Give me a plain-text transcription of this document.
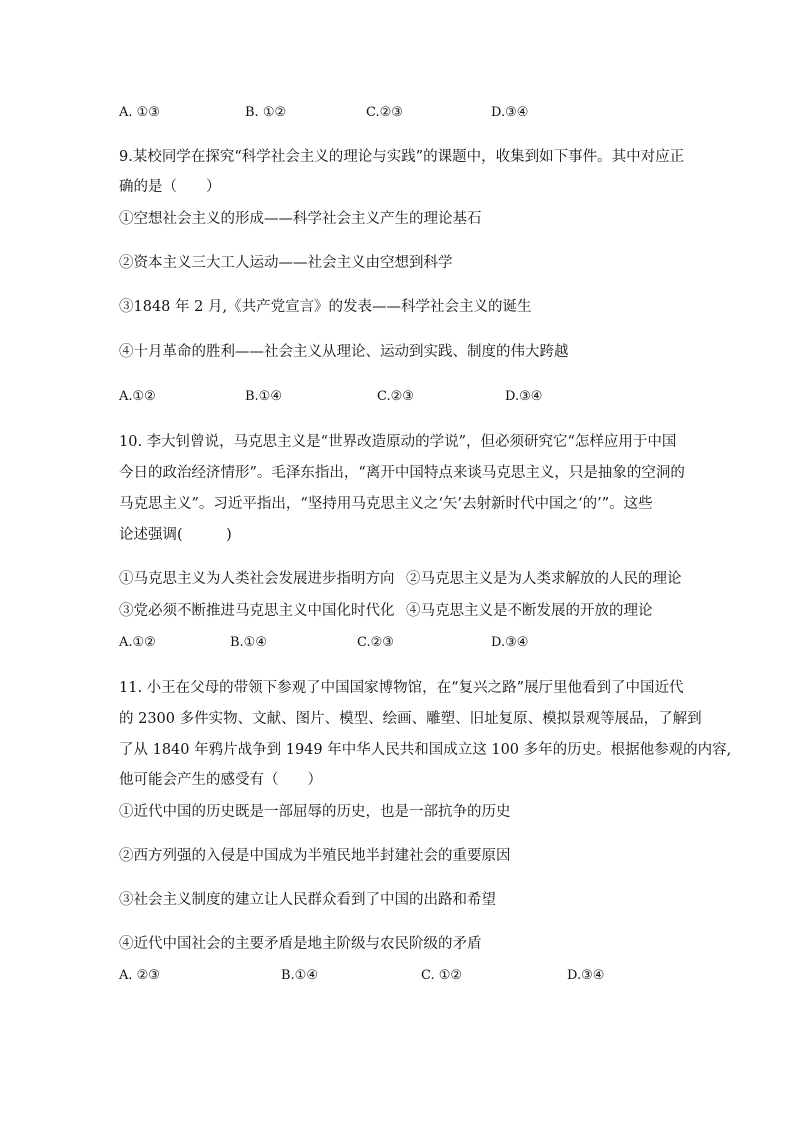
A. ①③	B. ①②	C.②③	D.③④
9.某校同学在探究“科学社会主义的理论与实践”的课题中，收集到如下事件。其中对应正
确的是（　　）
①空想社会主义的形成——科学社会主义产生的理论基石
②资本主义三大工人运动——社会主义由空想到科学
③1848 年 2 月,《共产党宣言》的发表——科学社会主义的诞生
④十月革命的胜利——社会主义从理论、运动到实践、制度的伟大跨越
A.①②	B.①④	C.②③	D.③④
10. 李大钊曾说，马克思主义是“世界改造原动的学说”，但必须研究它“怎样应用于中国
今日的政治经济情形”。毛泽东指出，“离开中国特点来谈马克思主义，只是抽象的空洞的
马克思主义”。习近平指出，“坚持用马克思主义之‘矢’去射新时代中国之‘的’”。这些
论述强调(　　　)
①马克思主义为人类社会发展进步指明方向 ②马克思主义是为人类求解放的人民的理论
③党必须不断推进马克思主义中国化时代化 ④马克思主义是不断发展的开放的理论
A.①②	B.①④	C.②③	D.③④
11. 小王在父母的带领下参观了中国国家博物馆，在“复兴之路”展厅里他看到了中国近代
的 2300 多件实物、文献、图片、模型、绘画、雕塑、旧址复原、模拟景观等展品，了解到
了从 1840 年鸦片战争到 1949 年中华人民共和国成立这 100 多年的历史。根据他参观的内容,
他可能会产生的感受有（　　）
①近代中国的历史既是一部屈辱的历史，也是一部抗争的历史
②西方列强的入侵是中国成为半殖民地半封建社会的重要原因
③社会主义制度的建立让人民群众看到了中国的出路和希望
④近代中国社会的主要矛盾是地主阶级与农民阶级的矛盾
A. ②③	B.①④	C. ①②	D.③④
